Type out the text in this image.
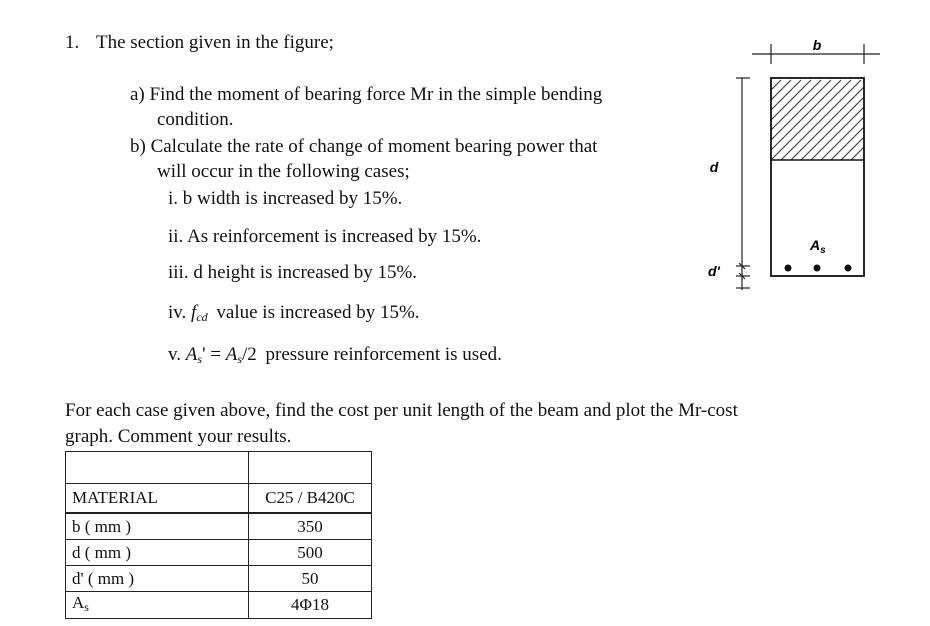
1. The section given in the figure;
a) Find the moment of bearing force Mr in the simple bending
condition.
b) Calculate the rate of change of moment bearing power that
will occur in the following cases;
i. b width is increased by 15%.
ii. As reinforcement is increased by 15%.
iii. d height is increased by 15%.
iv. $f_{cd}$ value is increased by 15%.
v. $A_s' = A_s/2$ pressure reinforcement is used.
For each case given above, find the cost per unit length of the beam and plot the Mr-cost
graph. Comment your results.
b
d
d'
$A_s$

MATERIAL	C25 / B420C
b ( mm )	350
d ( mm )	500
d' ( mm )	50
$A_s$	4Φ18
